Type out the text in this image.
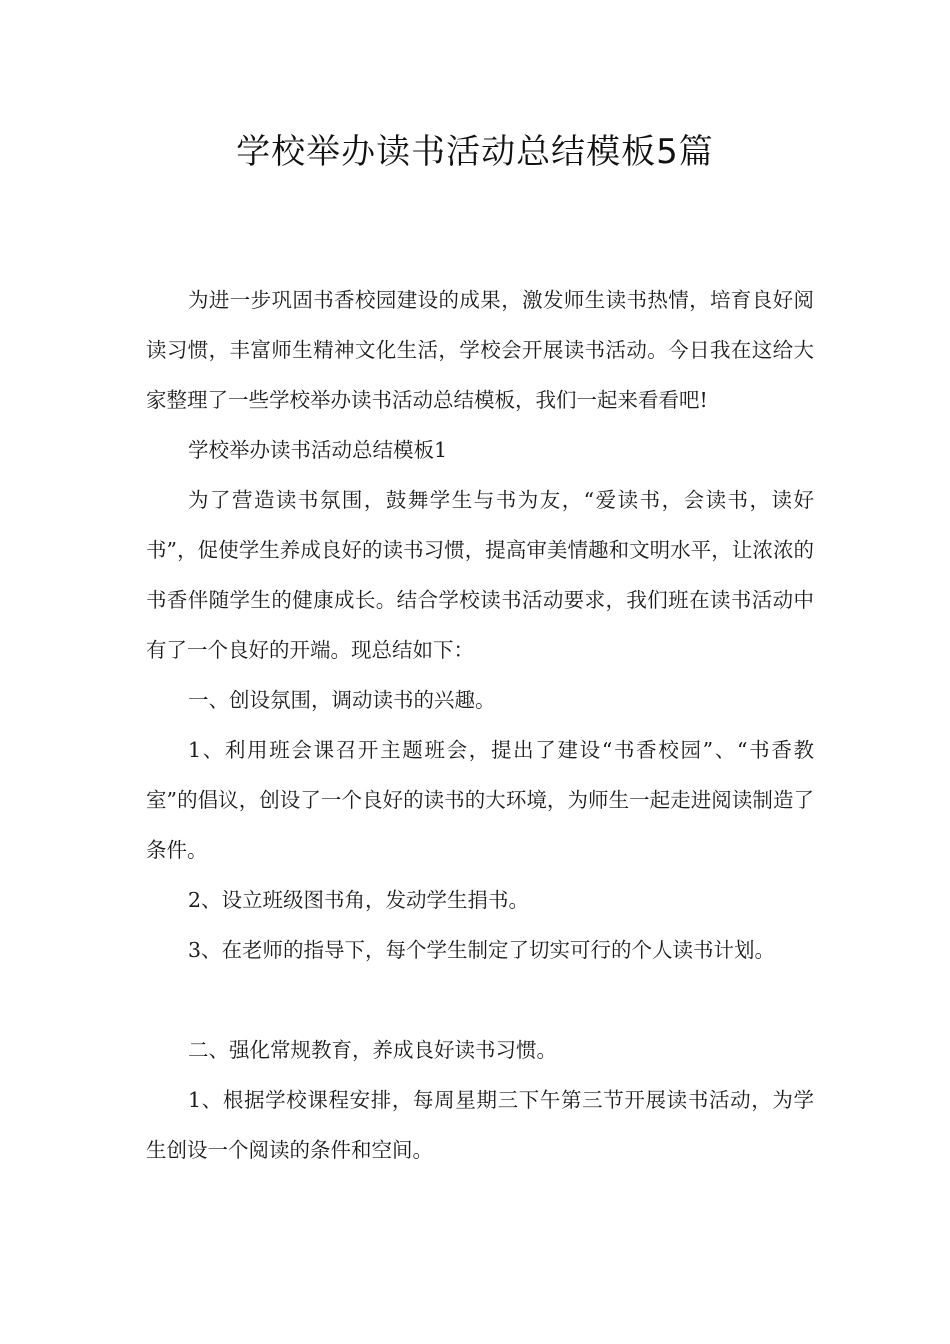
学校举办读书活动总结模板5篇

为进一步巩固书香校园建设的成果，激发师生读书热情，培育良好阅读习惯，丰富师生精神文化生活，学校会开展读书活动。今日我在这给大家整理了一些学校举办读书活动总结模板，我们一起来看看吧!

学校举办读书活动总结模板1

为了营造读书氛围，鼓舞学生与书为友，“爱读书，会读书，读好书”，促使学生养成良好的读书习惯，提高审美情趣和文明水平，让浓浓的书香伴随学生的健康成长。结合学校读书活动要求，我们班在读书活动中有了一个良好的开端。现总结如下：

一、创设氛围，调动读书的兴趣。

1、利用班会课召开主题班会，提出了建设“书香校园”、“书香教室”的倡议，创设了一个良好的读书的大环境，为师生一起走进阅读制造了条件。

2、设立班级图书角，发动学生捐书。

3、在老师的指导下，每个学生制定了切实可行的个人读书计划。

二、强化常规教育，养成良好读书习惯。

1、根据学校课程安排，每周星期三下午第三节开展读书活动，为学生创设一个阅读的条件和空间。
